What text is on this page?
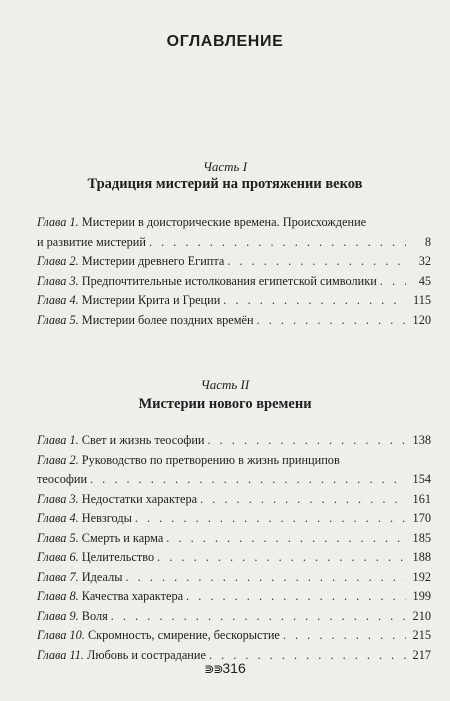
ОГЛАВЛЕНИЕ
Часть I
Традиция мистерий на протяжении веков
Глава 1. Мистерии в доисторические времена. Происхождение
и развитие мистерий . . .	8
Глава 2. Мистерии древнего Египта . . .	32
Глава 3. Предпочтительные истолкования египетской символики . . .	45
Глава 4. Мистерии Крита и Греции . . .	115
Глава 5. Мистерии более поздних времён . . .	120
Часть II
Мистерии нового времени
Глава 1. Свет и жизнь теософии . . .	138
Глава 2. Руководство по претворению в жизнь принципов
теософии . . .	154
Глава 3. Недостатки характера . . .	161
Глава 4. Невзгоды . . .	170
Глава 5. Смерть и карма . . .	185
Глава 6. Целительство . . .	188
Глава 7. Идеалы . . .	192
Глава 8. Качества характера . . .	199
Глава 9. Воля . . .	210
Глава 10. Скромность, смирение, бескорыстие . . .	215
Глава 11. Любовь и сострадание . . .	217
⋑⋑316
